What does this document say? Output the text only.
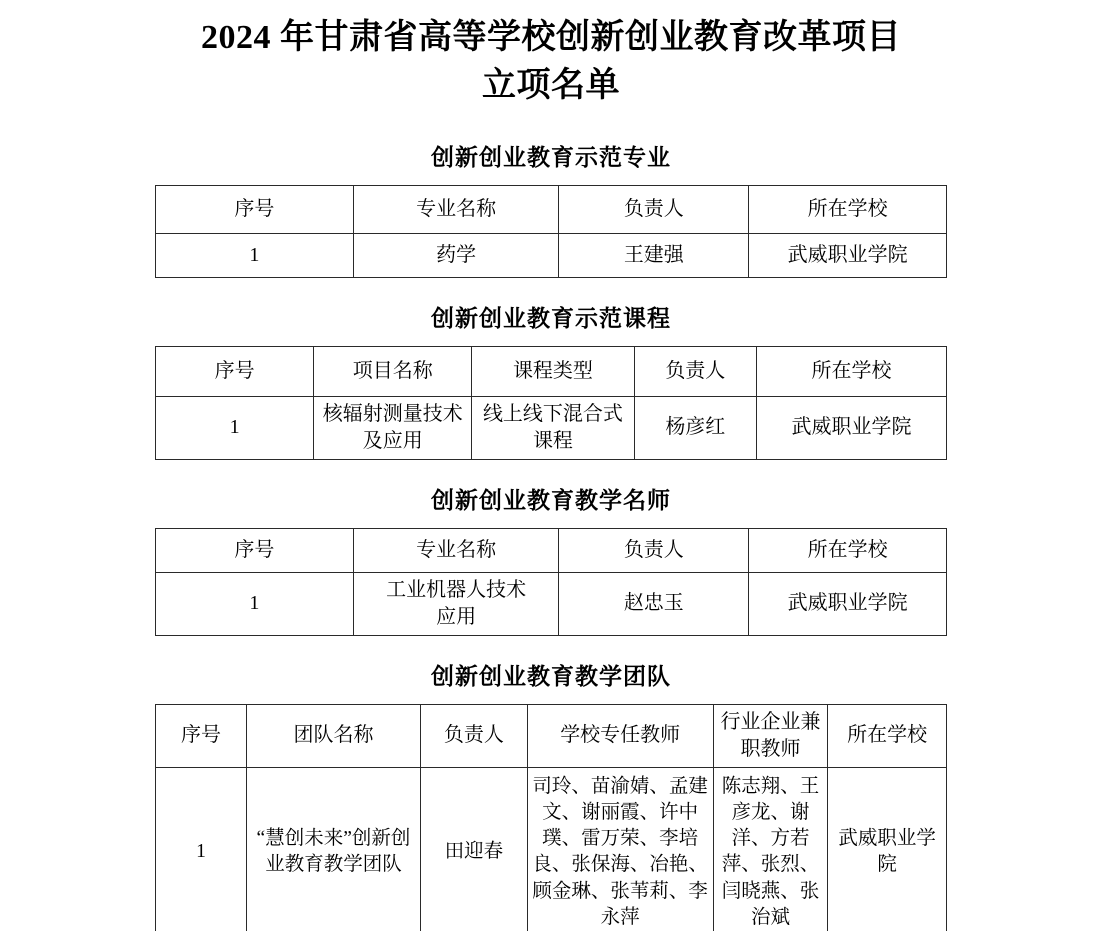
2024 年甘肃省高等学校创新创业教育改革项目
立项名单
创新创业教育示范专业
序号	专业名称	负责人	所在学校
1	药学	王建强	武威职业学院
创新创业教育示范课程
序号	项目名称	课程类型	负责人	所在学校
1	核辐射测量技术及应用	线上线下混合式课程	杨彦红	武威职业学院
创新创业教育教学名师
序号	专业名称	负责人	所在学校
1	工业机器人技术应用	赵忠玉	武威职业学院
创新创业教育教学团队
序号	团队名称	负责人	学校专任教师	行业企业兼职教师	所在学校
1	“慧创未来”创新创业教育教学团队	田迎春	司玲、苗渝婧、孟建文、谢丽霞、许中璞、雷万荣、李培良、张保海、冶艳、顾金琳、张苇莉、李永萍	陈志翔、王彦龙、谢洋、方若萍、张烈、闫晓燕、张治斌	武威职业学院
